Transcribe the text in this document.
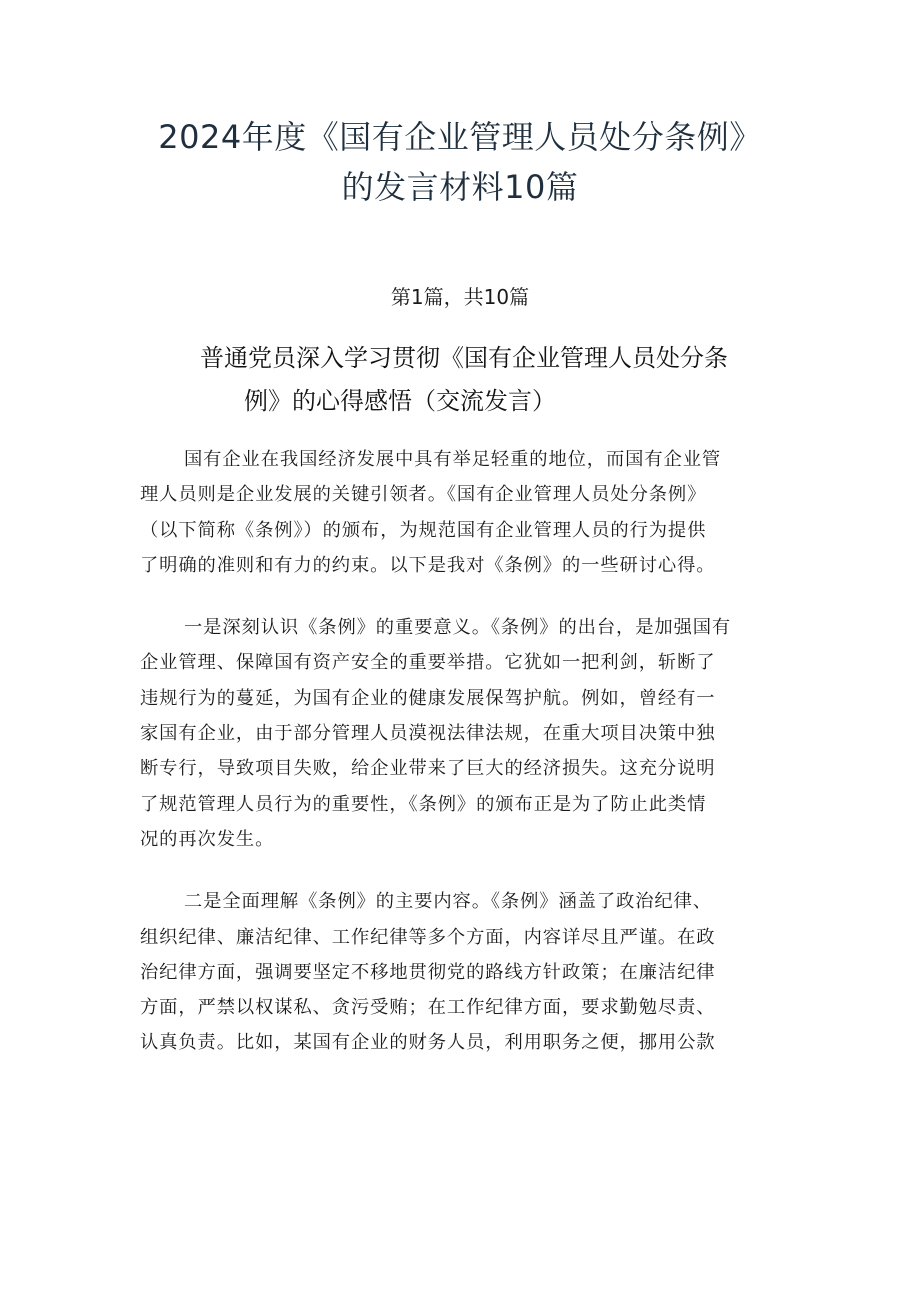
2024年度《国有企业管理人员处分条例》
的发言材料10篇
第1篇，共10篇
普通党员深入学习贯彻《国有企业管理人员处分条
例》的心得感悟（交流发言）

国有企业在我国经济发展中具有举足轻重的地位，而国有企业管
理人员则是企业发展的关键引领者。《国有企业管理人员处分条例》
（以下简称《条例》）的颁布，为规范国有企业管理人员的行为提供
了明确的准则和有力的约束。以下是我对《条例》的一些研讨心得。

一是深刻认识《条例》的重要意义。《条例》的出台，是加强国有
企业管理、保障国有资产安全的重要举措。它犹如一把利剑，斩断了
违规行为的蔓延，为国有企业的健康发展保驾护航。例如，曾经有一
家国有企业，由于部分管理人员漠视法律法规，在重大项目决策中独
断专行，导致项目失败，给企业带来了巨大的经济损失。这充分说明
了规范管理人员行为的重要性，《条例》的颁布正是为了防止此类情
况的再次发生。

二是全面理解《条例》的主要内容。《条例》涵盖了政治纪律、
组织纪律、廉洁纪律、工作纪律等多个方面，内容详尽且严谨。在政
治纪律方面，强调要坚定不移地贯彻党的路线方针政策；在廉洁纪律
方面，严禁以权谋私、贪污受贿；在工作纪律方面，要求勤勉尽责、
认真负责。比如，某国有企业的财务人员，利用职务之便，挪用公款
